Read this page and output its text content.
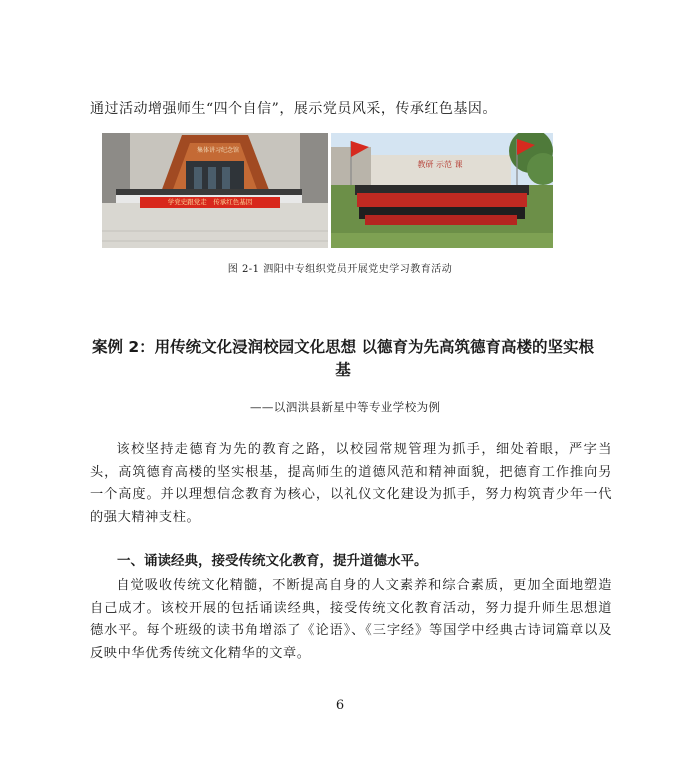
通过活动增强师生“四个自信”，展示党员风采，传承红色基因。
集体讲习纪念馆
学党史跟党走　传承红色基因
教研 示范 课
图 2-1 泗阳中专组织党员开展党史学习教育活动
案例 2：用传统文化浸润校园文化思想 以德育为先高筑德育高楼的坚实根基
——以泗洪县新星中等专业学校为例
该校坚持走德育为先的教育之路，以校园常规管理为抓手，细处着眼，严字当头，高筑德育高楼的坚实根基，提高师生的道德风范和精神面貌，把德育工作推向另一个高度。并以理想信念教育为核心，以礼仪文化建设为抓手，努力构筑青少年一代的强大精神支柱。
一、诵读经典，接受传统文化教育，提升道德水平。
自觉吸收传统文化精髓，不断提高自身的人文素养和综合素质，更加全面地塑造自己成才。该校开展的包括诵读经典，接受传统文化教育活动，努力提升师生思想道德水平。每个班级的读书角增添了《论语》、《三字经》等国学中经典古诗词篇章以及反映中华优秀传统文化精华的文章。
6
